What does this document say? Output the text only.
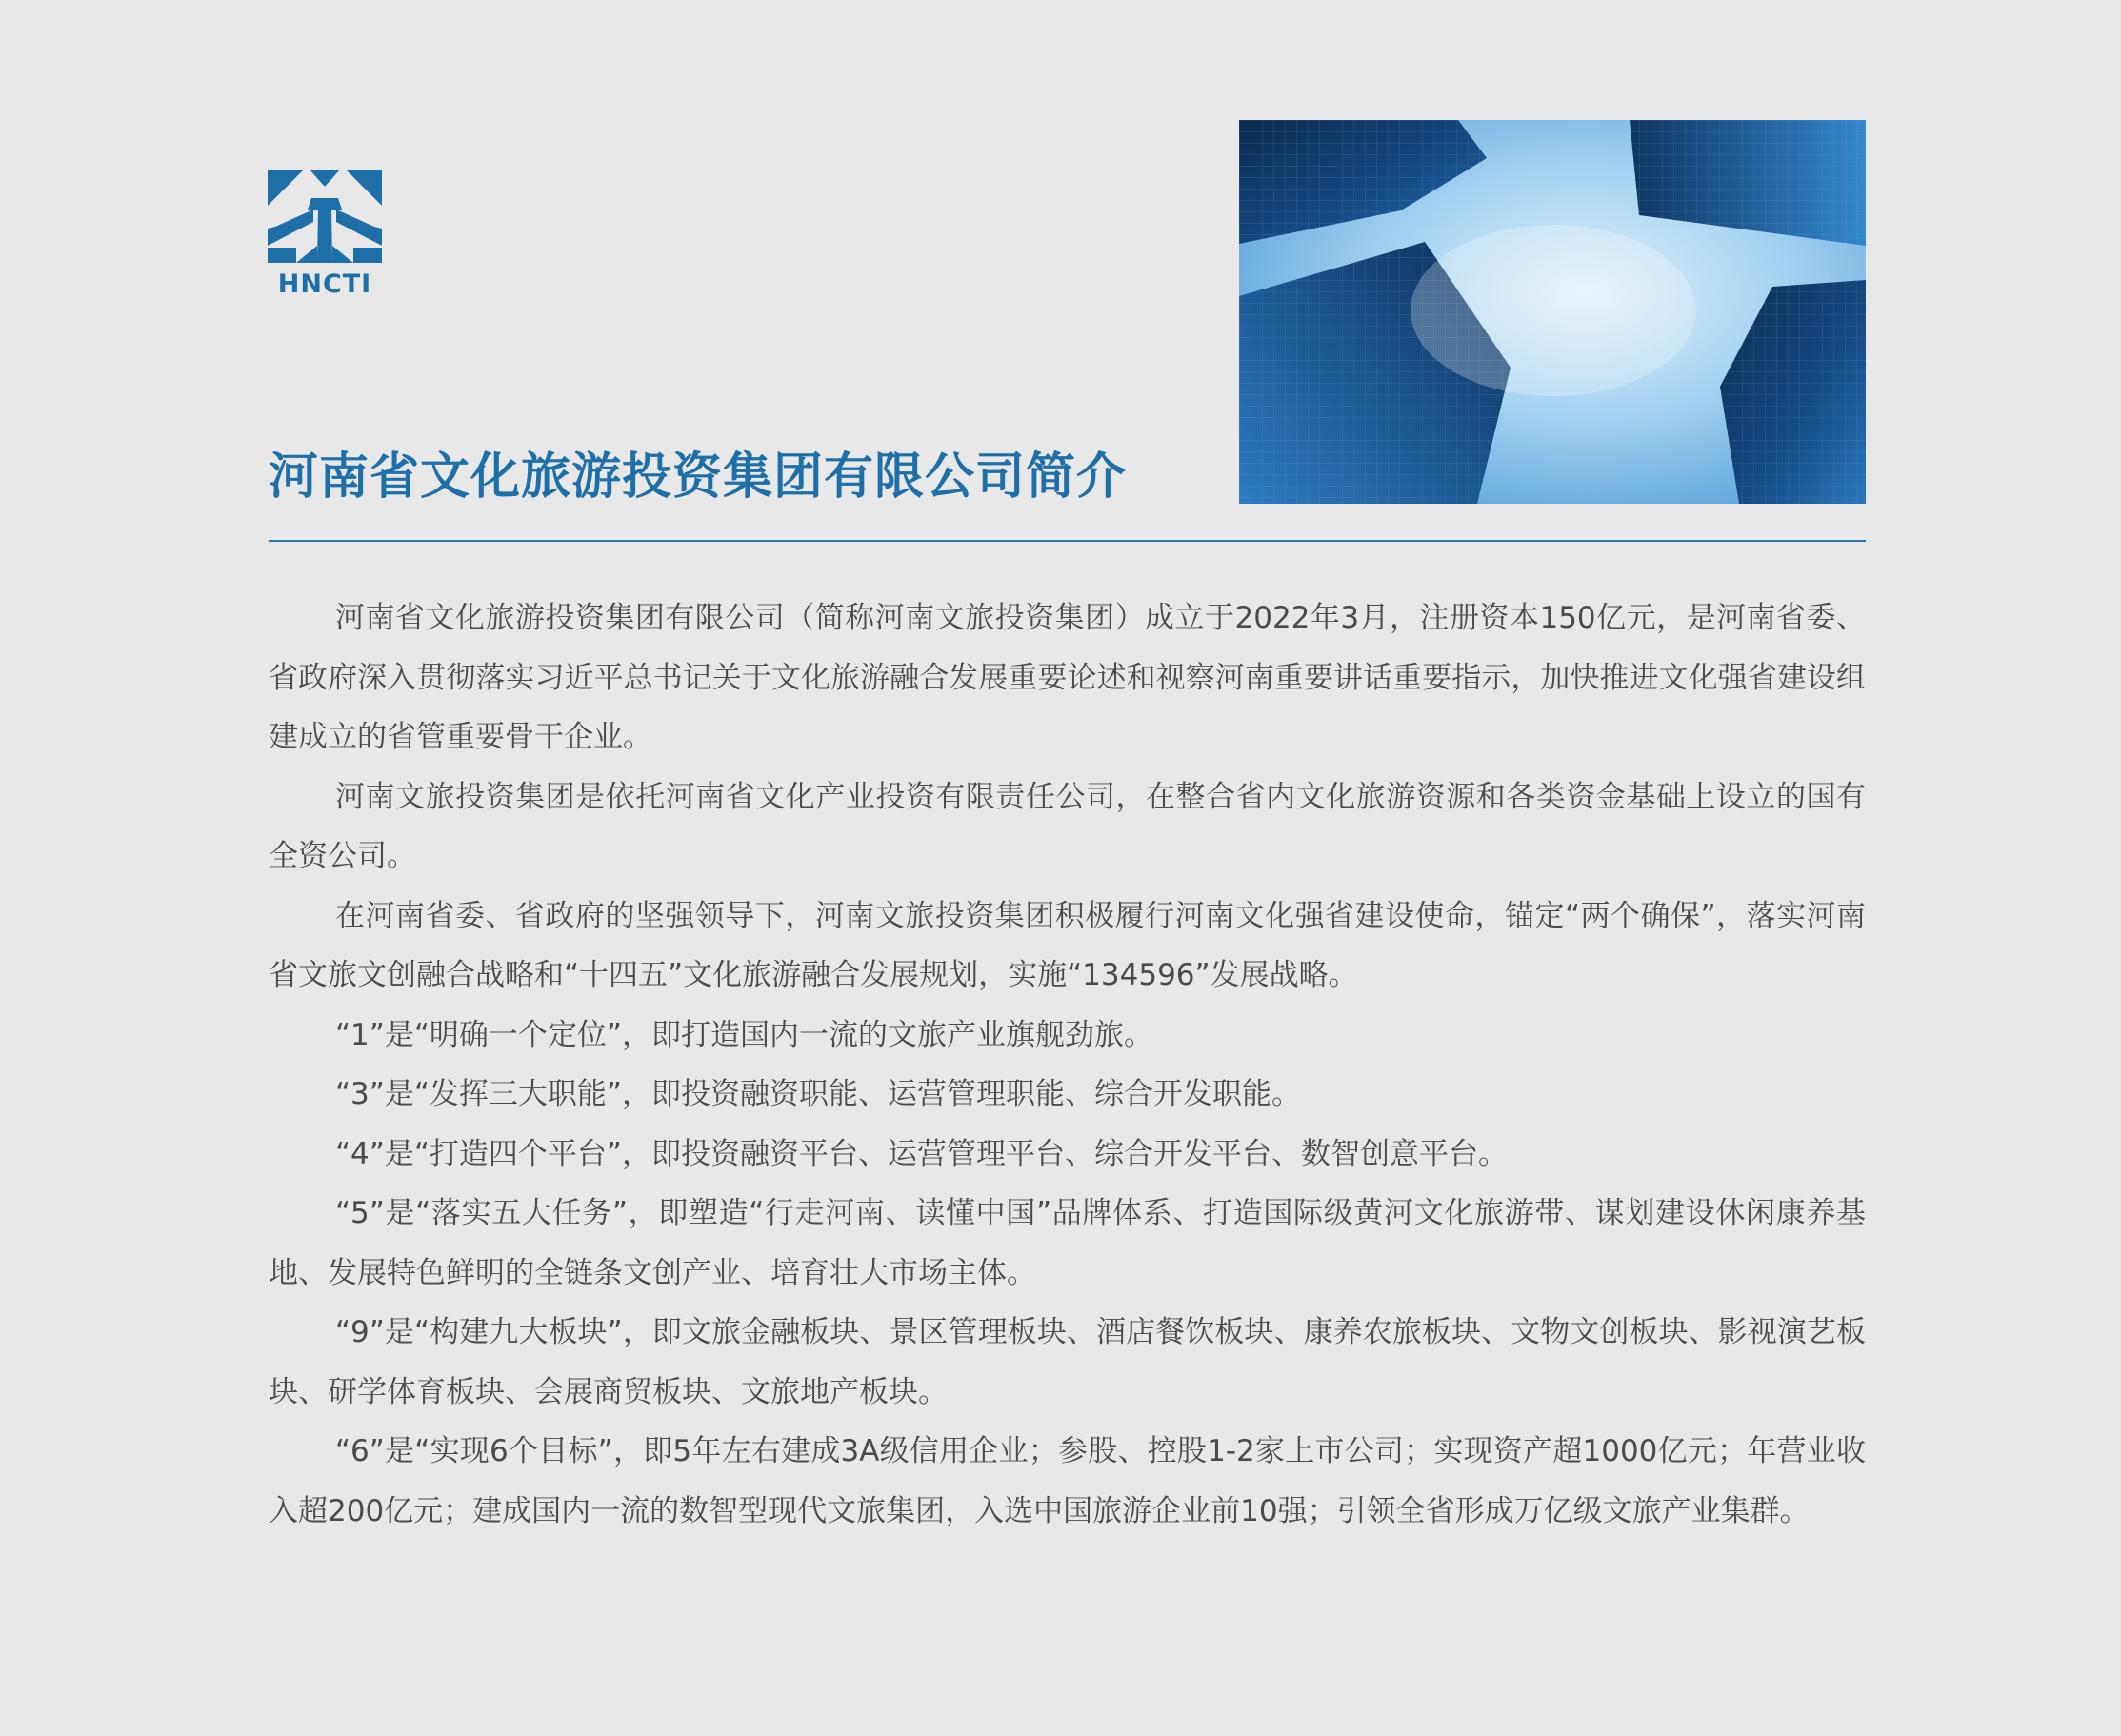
HNCTI
河南省文化旅游投资集团有限公司简介

河南省文化旅游投资集团有限公司（简称河南文旅投资集团）成立于2022年3月，注册资本150亿元，是河南省委、省政府深入贯彻落实习近平总书记关于文化旅游融合发展重要论述和视察河南重要讲话重要指示，加快推进文化强省建设组建成立的省管重要骨干企业。

河南文旅投资集团是依托河南省文化产业投资有限责任公司，在整合省内文化旅游资源和各类资金基础上设立的国有全资公司。

在河南省委、省政府的坚强领导下，河南文旅投资集团积极履行河南文化强省建设使命，锚定“两个确保”，落实河南省文旅文创融合战略和“十四五”文化旅游融合发展规划，实施“134596”发展战略。

“1”是“明确一个定位”，即打造国内一流的文旅产业旗舰劲旅。

“3”是“发挥三大职能”，即投资融资职能、运营管理职能、综合开发职能。

“4”是“打造四个平台”，即投资融资平台、运营管理平台、综合开发平台、数智创意平台。

“5”是“落实五大任务”，即塑造“行走河南、读懂中国”品牌体系、打造国际级黄河文化旅游带、谋划建设休闲康养基地、发展特色鲜明的全链条文创产业、培育壮大市场主体。

“9”是“构建九大板块”，即文旅金融板块、景区管理板块、酒店餐饮板块、康养农旅板块、文物文创板块、影视演艺板块、研学体育板块、会展商贸板块、文旅地产板块。

“6”是“实现6个目标”，即5年左右建成3A级信用企业；参股、控股1-2家上市公司；实现资产超1000亿元；年营业收入超200亿元；建成国内一流的数智型现代文旅集团，入选中国旅游企业前10强；引领全省形成万亿级文旅产业集群。
